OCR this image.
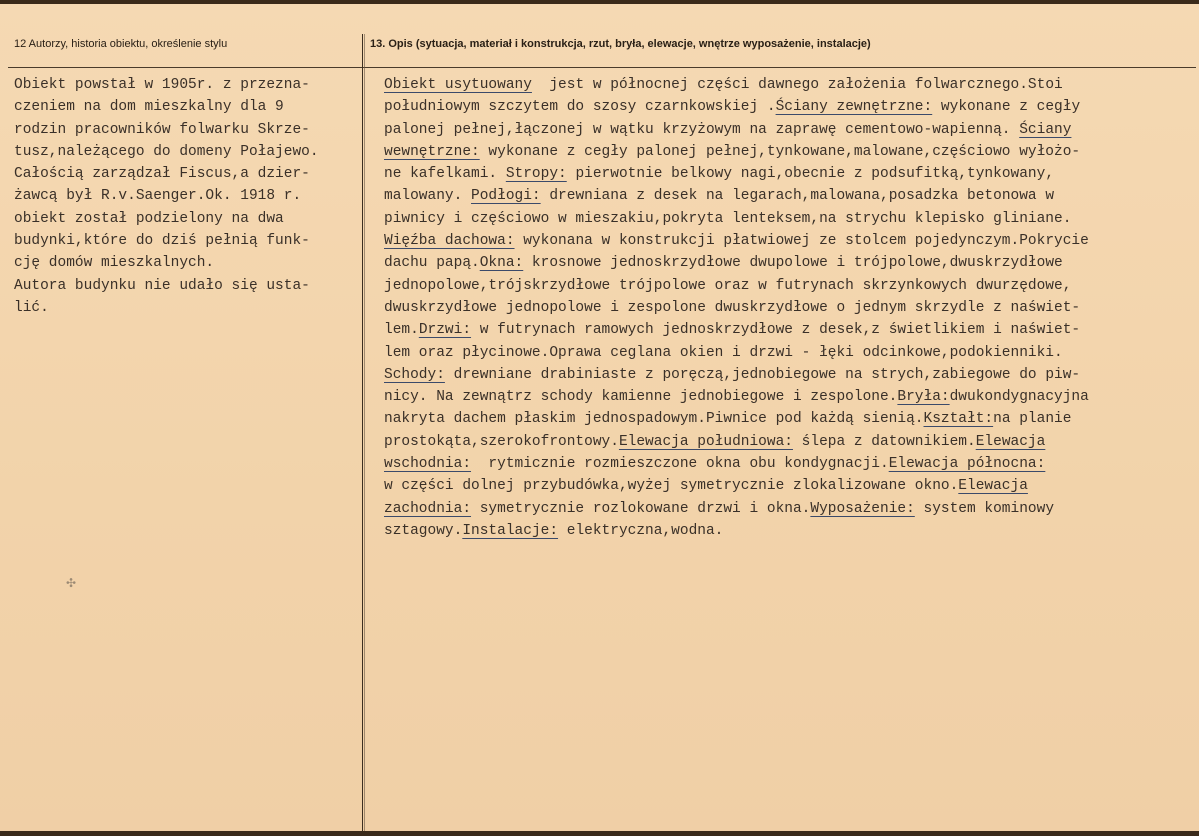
12 Autorzy, historia obiektu, określenie stylu	13. Opis (sytuacja, materiał i konstrukcja, rzut, bryła, elewacje, wnętrze wyposażenie, instalacje)
Obiekt powstał w 1905r. z przezna-
czeniem na dom mieszkalny dla 9
rodzin pracowników folwarku Skrze-
tusz,należącego do domeny Połajewo.
Całością zarządzał Fiscus,a dzier-
żawcą był R.v.Saenger.Ok. 1918 r.
obiekt został podzielony na dwa
budynki,które do dziś pełnią funk-
cję domów mieszkalnych.
Autora budynku nie udało się usta-
lić.
Obiekt usytuowany  jest w północnej części dawnego założenia folwarcznego.Stoi
południowym szczytem do szosy czarnkowskiej .Ściany zewnętrzne: wykonane z cegły
palonej pełnej,łączonej w wątku krzyżowym na zaprawę cementowo-wapienną. Ściany
wewnętrzne: wykonane z cegły palonej pełnej,tynkowane,malowane,częściowo wyłożo-
ne kafelkami. Stropy: pierwotnie belkowy nagi,obecnie z podsufitką,tynkowany,
malowany. Podłogi: drewniana z desek na legarach,malowana,posadzka betonowa w
piwnicy i częściowo w mieszakiu,pokryta lenteksem,na strychu klepisko gliniane.
Więźba dachowa: wykonana w konstrukcji płatwiowej ze stolcem pojedynczym.Pokrycie
dachu papą.Okna: krosnowe jednoskrzydłowe dwupolowe i trójpolowe,dwuskrzydłowe
jednopolowe,trójskrzydłowe trójpolowe oraz w futrynach skrzynkowych dwurzędowe,
dwuskrzydłowe jednopolowe i zespolone dwuskrzydłowe o jednym skrzydle z naświet-
lem.Drzwi: w futrynach ramowych jednoskrzydłowe z desek,z świetlikiem i naświet-
lem oraz płycinowe.Oprawa ceglana okien i drzwi - łęki odcinkowe,podokienniki.
Schody: drewniane drabiniaste z poręczą,jednobiegowe na strych,zabiegowe do piw-
nicy. Na zewnątrz schody kamienne jednobiegowe i zespolone.Bryła:dwukondygnacyjna
nakryta dachem płaskim jednospadowym.Piwnice pod każdą sienią.Kształt:na planie
prostokąta,szerokofrontowy.Elewacja południowa: ślepa z datownikiem.Elewacja
wschodnia:  rytmicznie rozmieszczone okna obu kondygnacji.Elewacja północna:
w części dolnej przybudówka,wyżej symetrycznie zlokalizowane okno.Elewacja
zachodnia: symetrycznie rozlokowane drzwi i okna.Wyposażenie: system kominowy
sztagowy.Instalacje: elektryczna,wodna.
✣
